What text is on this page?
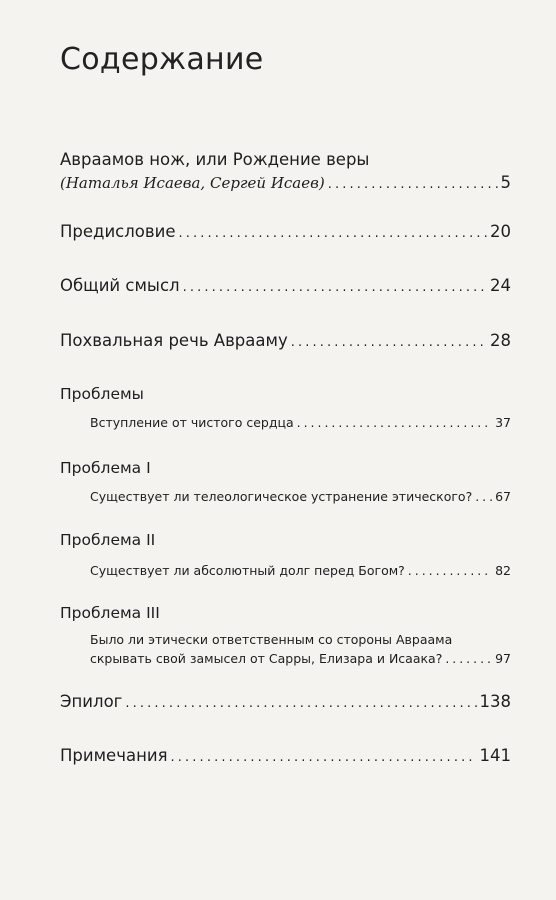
Содержание
Авраамов нож, или Рождение веры
(Наталья Исаева, Сергей Исаев) . . .	5
Предисловие . . .	20
Общий смысл . . .	24
Похвальная речь Аврааму . . .	28
Проблемы
Вступление от чистого сердца . . .	37
Проблема I
Существует ли телеологическое устранение этического? . . . 67
Проблема II
Существует ли абсолютный долг перед Богом? . . .	82
Проблема III
Было ли этически ответственным со стороны Авраама
скрывать свой замысел от Сарры, Елизара и Исаака? . . .	97
Эпилог . . .	138
Примечания . . .	141
